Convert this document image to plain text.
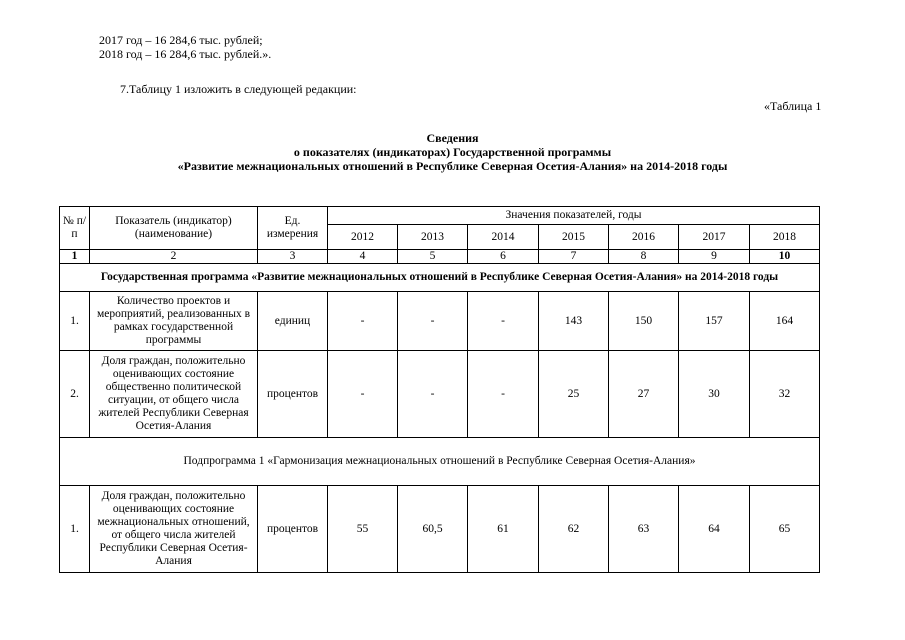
2017 год – 16 284,6 тыс. рублей;
2018 год – 16 284,6 тыс. рублей.».
7.Таблицу 1 изложить в следующей редакции:
«Таблица 1
Сведения
о показателях (индикаторах) Государственной программы
«Развитие межнациональных отношений в Республике Северная Осетия-Алания» на 2014-2018 годы
№ п/п	Показатель (индикатор) (наименование)	Ед. измерения	Значения показателей, годы						
			2012	2013	2014	2015	2016	2017	2018
1	2	3	4	5	6	7	8	9	10
Государственная программа «Развитие межнациональных отношений в Республике Северная Осетия-Алания» на 2014-2018 годы									
1.	Количество проектов и мероприятий, реализованных в рамках государственной программы	единиц	-	-	-	143	150	157	164
2.	Доля граждан, положительно оценивающих состояние общественно политической ситуации, от общего числа жителей Республики Северная Осетия-Алания	процентов	-	-	-	25	27	30	32
Подпрограмма 1 «Гармонизация межнациональных отношений в Республике Северная Осетия-Алания»									
1.	Доля граждан, положительно оценивающих состояние межнациональных отношений, от общего числа жителей Республики Северная Осетия-Алания	процентов	55	60,5	61	62	63	64	65
